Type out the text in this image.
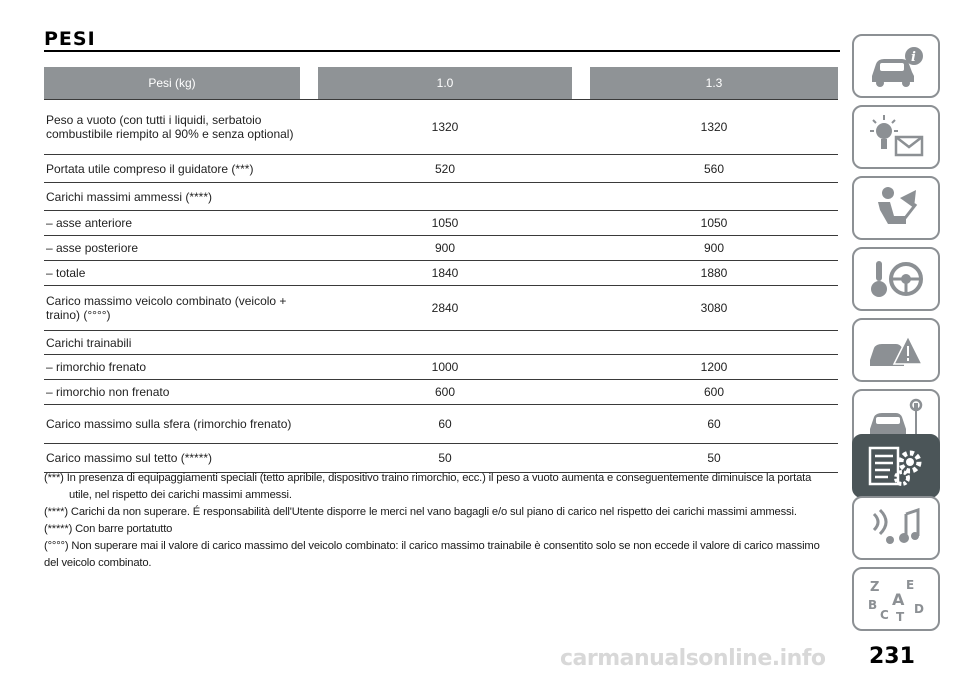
PESI
Pesi (kg)		1.0		1.3
Peso a vuoto (con tutti i liquidi, serbatoio combustibile riempito al 90% e senza optional)		1320		1320
Portata utile compreso il guidatore (***)		520		560
Carichi massimi ammessi (****)				
– asse anteriore		1050		1050
– asse posteriore		900		900
– totale		1840		1880
Carico massimo veicolo combinato (veicolo + traino) (°°°°)		2840		3080
Carichi trainabili				
– rimorchio frenato		1000		1200
– rimorchio non frenato		600		600
Carico massimo sulla sfera (rimorchio frenato)		60		60
Carico massimo sul tetto (*****)		50		50

(***) In presenza di equipaggiamenti speciali (tetto apribile, dispositivo traino rimorchio, ecc.) il peso a vuoto aumenta e conseguentemente diminuisce la portata
utile, nel rispetto dei carichi massimi ammessi.

(****) Carichi da non superare. É responsabilità dell'Utente disporre le merci nel vano bagagli e/o sul piano di carico nel rispetto dei carichi massimi ammessi.

(*****) Con barre portatutto

(°°°°) Non superare mai il valore di carico massimo del veicolo combinato: il carico massimo trainabile è consentito solo se non eccede il valore di carico massimo del veicolo combinato.

i
Z E
A
B	D
C T
carmanualsonline.info 231
